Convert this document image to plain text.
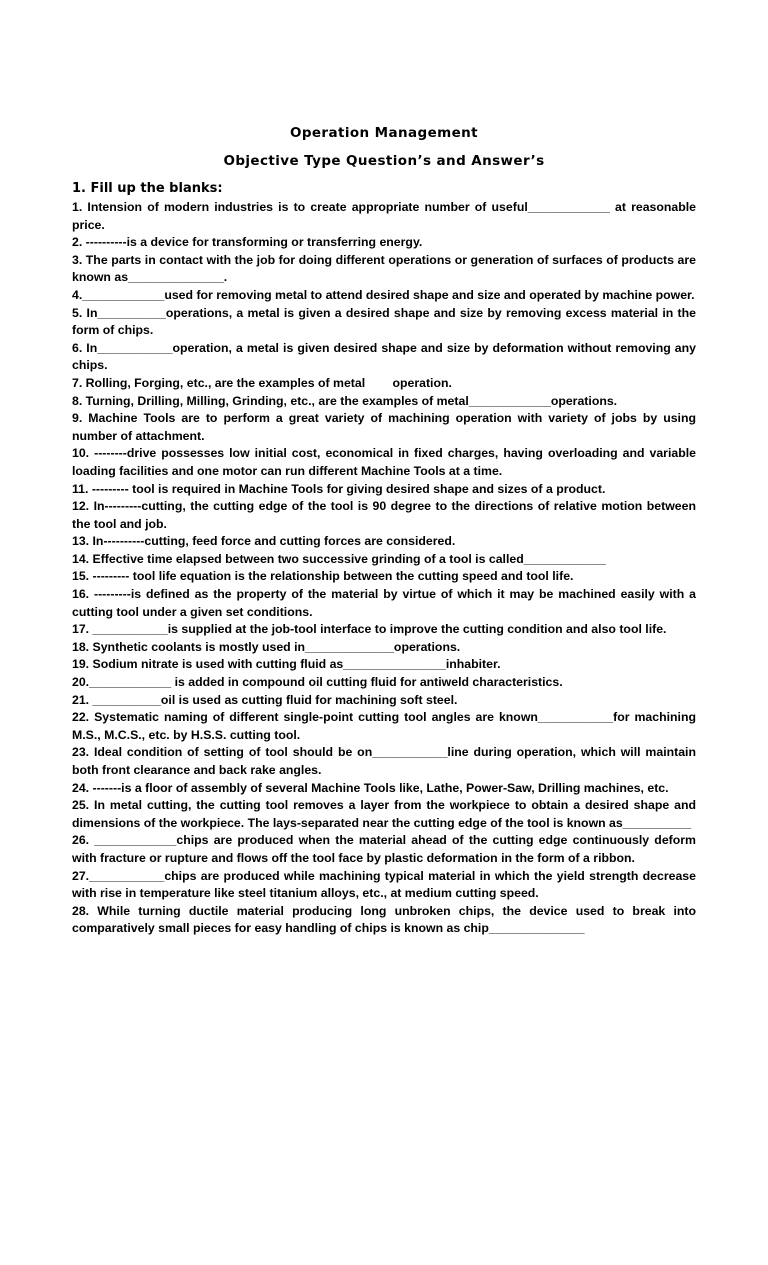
Operation Management
Objective Type Question’s and Answer’s
1. Fill up the blanks:

1. Intension of modern industries is to create appropriate number of useful____________ at reasonable price.

2. ----------is a device for transforming or transferring energy.

3. The parts in contact with the job for doing different operations or generation of surfaces of products are known as______________.

4.____________used for removing metal to attend desired shape and size and operated by machine power.

5. In__________operations, a metal is given a desired shape and size by removing excess material in the form of chips.

6. In___________operation, a metal is given desired shape and size by deformation without removing any chips.

7. Rolling, Forging, etc., are the examples of metal        operation.

8. Turning, Drilling, Milling, Grinding, etc., are the examples of metal____________operations.

9. Machine Tools are to perform a great variety of machining operation with variety of jobs by using number of attachment.

10. --------drive possesses low initial cost, economical in fixed charges, having overloading and variable loading facilities and one motor can run different Machine Tools at a time.

11. --------- tool is required in Machine Tools for giving desired shape and sizes of a product.

12. In---------cutting, the cutting edge of the tool is 90 degree to the directions of relative motion between the tool and job.

13. In----------cutting, feed force and cutting forces are considered.

14. Effective time elapsed between two successive grinding of a tool is called____________

15. --------- tool life equation is the relationship between the cutting speed and tool life.

16. ---------is defined as the property of the material by virtue of which it may be machined easily with a cutting tool under a given set conditions.

17. ___________is supplied at the job-tool interface to improve the cutting condition and also tool life.

18. Synthetic coolants is mostly used in_____________operations.

19. Sodium nitrate is used with cutting fluid as_______________inhabiter.

20.____________ is added in compound oil cutting fluid for antiweld characteristics.

21. __________oil is used as cutting fluid for machining soft steel.

22. Systematic naming of different single-point cutting tool angles are known___________for machining M.S., M.C.S., etc. by H.S.S. cutting tool.

23. Ideal condition of setting of tool should be on___________line during operation, which will maintain both front clearance and back rake angles.

24. -------is a floor of assembly of several Machine Tools like, Lathe, Power-Saw, Drilling machines, etc.

25. In metal cutting, the cutting tool removes a layer from the workpiece to obtain a desired shape and dimensions of the workpiece. The lays-separated near the cutting edge of the tool is known as__________

26. ____________chips are produced when the material ahead of the cutting edge continuously deform with fracture or rupture and flows off the tool face by plastic deformation in the form of a ribbon.

27.___________chips are produced while machining typical material in which the yield strength decrease with rise in temperature like steel titanium alloys, etc., at medium cutting speed.

28. While turning ductile material producing long unbroken chips, the device used to break into comparatively small pieces for easy handling of chips is known as chip______________
